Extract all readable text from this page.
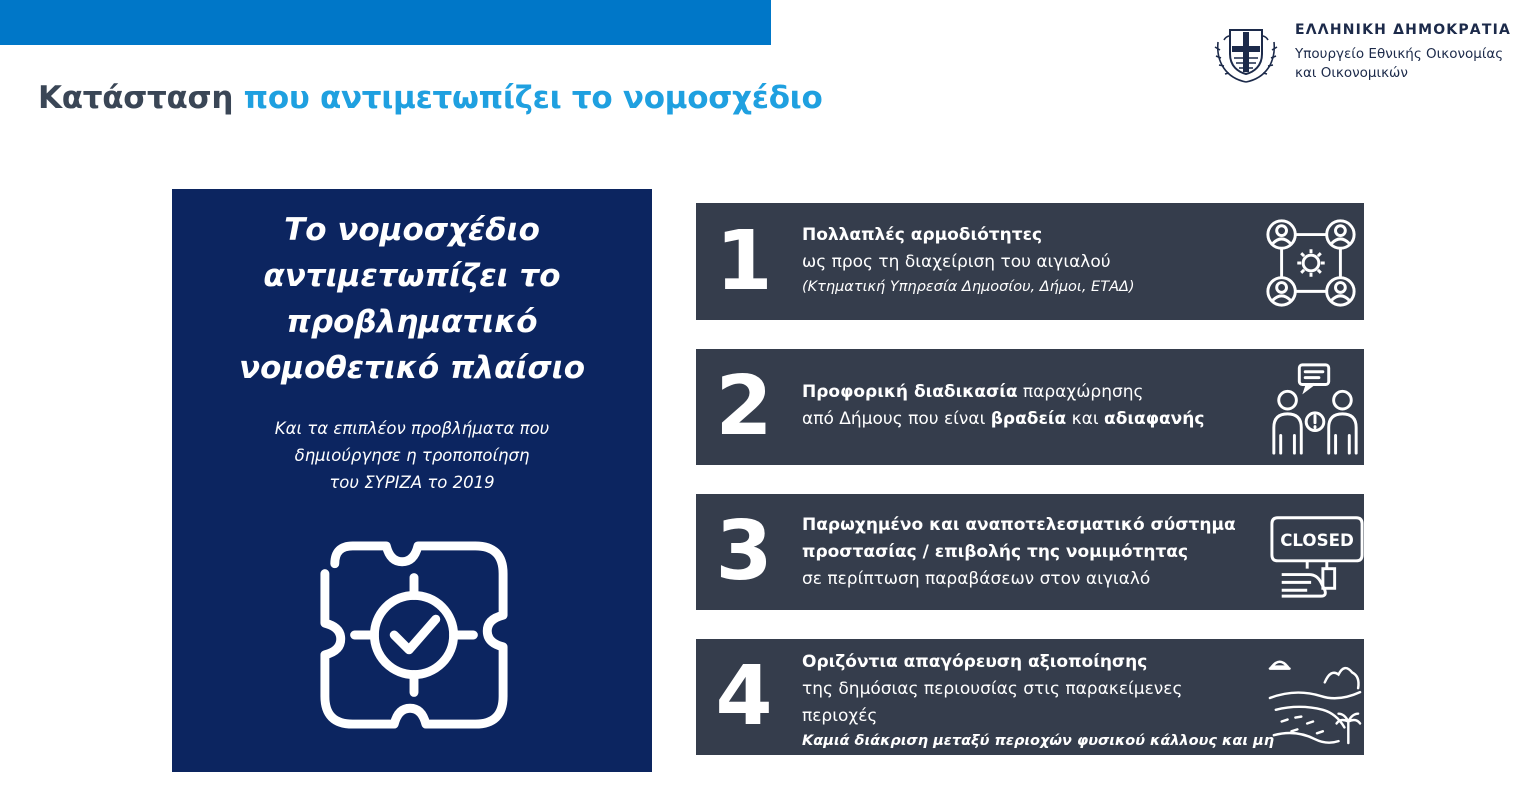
ΕΛΛΗΝΙΚΗ ΔΗΜΟΚΡΑΤΙΑ
Υπουργείο Εθνικής Οικονομίας
και Οικονομικών
Κατάσταση που αντιμετωπίζει το νομοσχέδιο
Το νομοσχέδιο
αντιμετωπίζει το
προβληματικό
νομοθετικό πλαίσιο
Και τα επιπλέον προβλήματα που
δημιούργησε η τροποποίηση
του ΣΥΡΙΖΑ το 2019
1	Πολλαπλές αρμοδιότητες
ως προς τη διαχείριση του αιγιαλού
(Κτηματική Υπηρεσία Δημοσίου, Δήμοι, ΕΤΑΔ)
2	Προφορική διαδικασία παραχώρησης
από Δήμους που είναι βραδεία και αδιαφανής
3	Παρωχημένο και αναποτελεσματικό σύστημα
προστασίας / επιβολής της νομιμότητας
σε περίπτωση παραβάσεων στον αιγιαλό
CLOSED
4	Οριζόντια απαγόρευση αξιοποίησης
της δημόσιας περιουσίας στις παρακείμενες
περιοχές
Καμιά διάκριση μεταξύ περιοχών φυσικού κάλλους και μη
